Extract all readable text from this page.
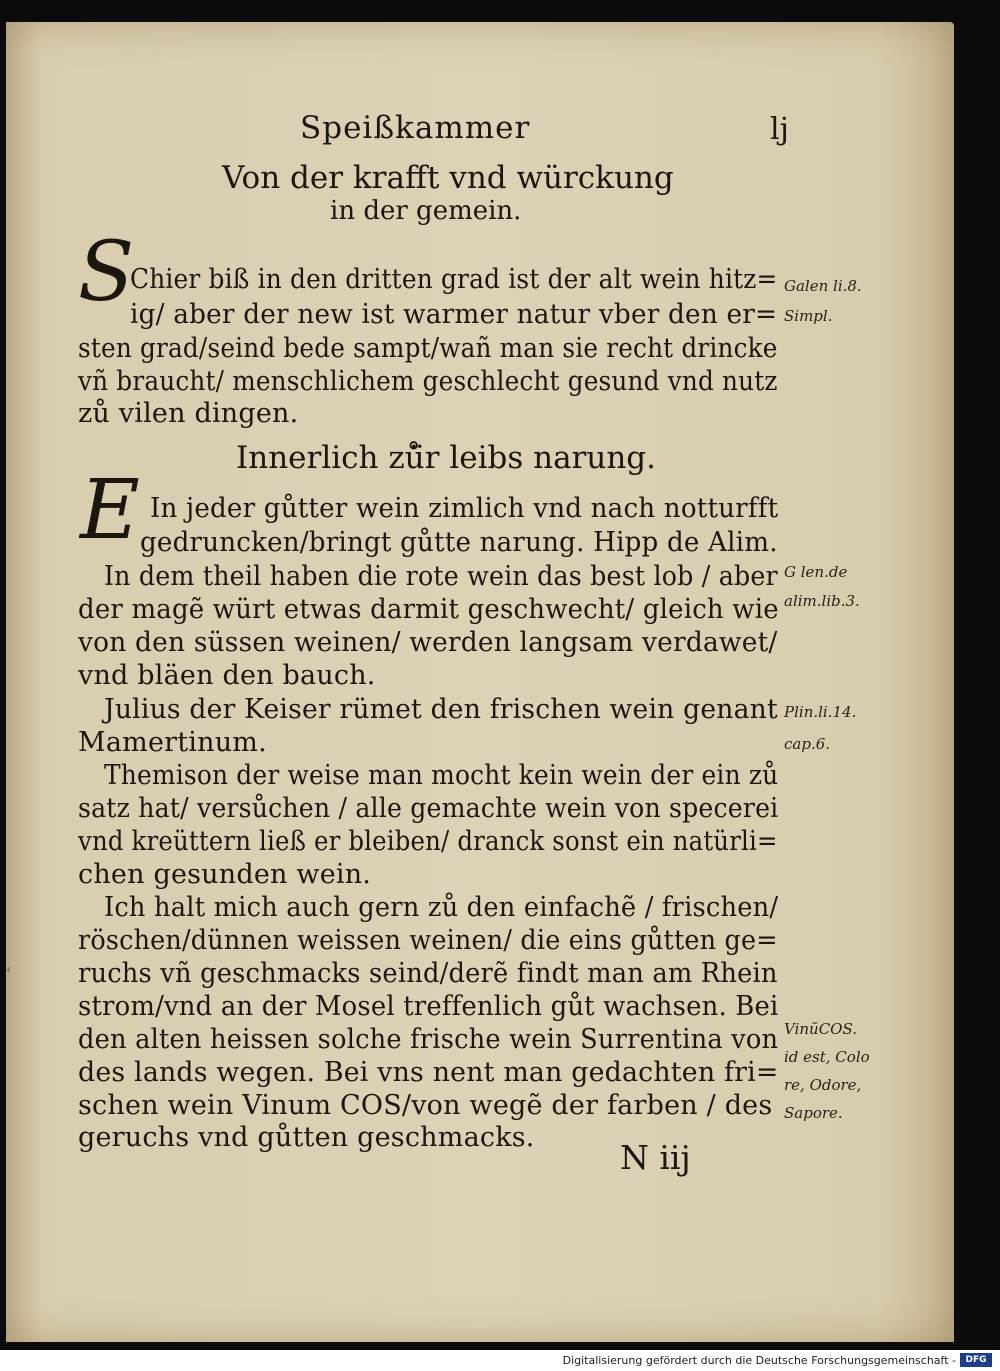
Speißkammer	lj
Von der krafft vnd würckung
in der gemein.
S
Chier biß in den dritten grad ist der alt wein hitz=
ig/ aber der new ist warmer natur vber den er=
sten grad/seind bede sampt/wañ man sie recht drincke
vñ braucht/ menschlichem geschlecht gesund vnd nutz
zů vilen dingen.
Innerlich zů̈r leibs narung.
E In jeder gůtter wein zimlich vnd nach notturfft
gedruncken/bringt gůtte narung. Hipp de Alim.
In dem theil haben die rote wein das best lob / aber
der magẽ würt etwas darmit geschwecht/ gleich wie
von den süssen weinen/ werden langsam verdawet/
vnd bläen den bauch.
Julius der Keiser rümet den frischen wein genant
Mamertinum.
Themison der weise man mocht kein wein der ein zů
satz hat/ versůchen / alle gemachte wein von specerei
vnd kreüttern ließ er bleiben/ dranck sonst ein natürli=
chen gesunden wein.
Ich halt mich auch gern zů den einfachẽ / frischen/
röschen/dünnen weissen weinen/ die eins gůtten ge=
ruchs vñ geschmacks seind/derẽ findt man am Rhein
strom/vnd an der Mosel treffenlich gůt wachsen. Bei
den alten heissen solche frische wein Surrentina von
des lands wegen. Bei vns nent man gedachten fri=
schen wein Vinum COS/von wegẽ der farben / des
geruchs vnd gůtten geschmacks.
Galen li.8.
Simpl.
G len.de
alim.lib.3.
Plin.li.14.
cap.6.
VinũCOS.
id est, Colo
re, Odore,
Sapore.
N iij
‹
Digitalisierung gefördert durch die Deutsche Forschungsgemeinschaft -	DFG
